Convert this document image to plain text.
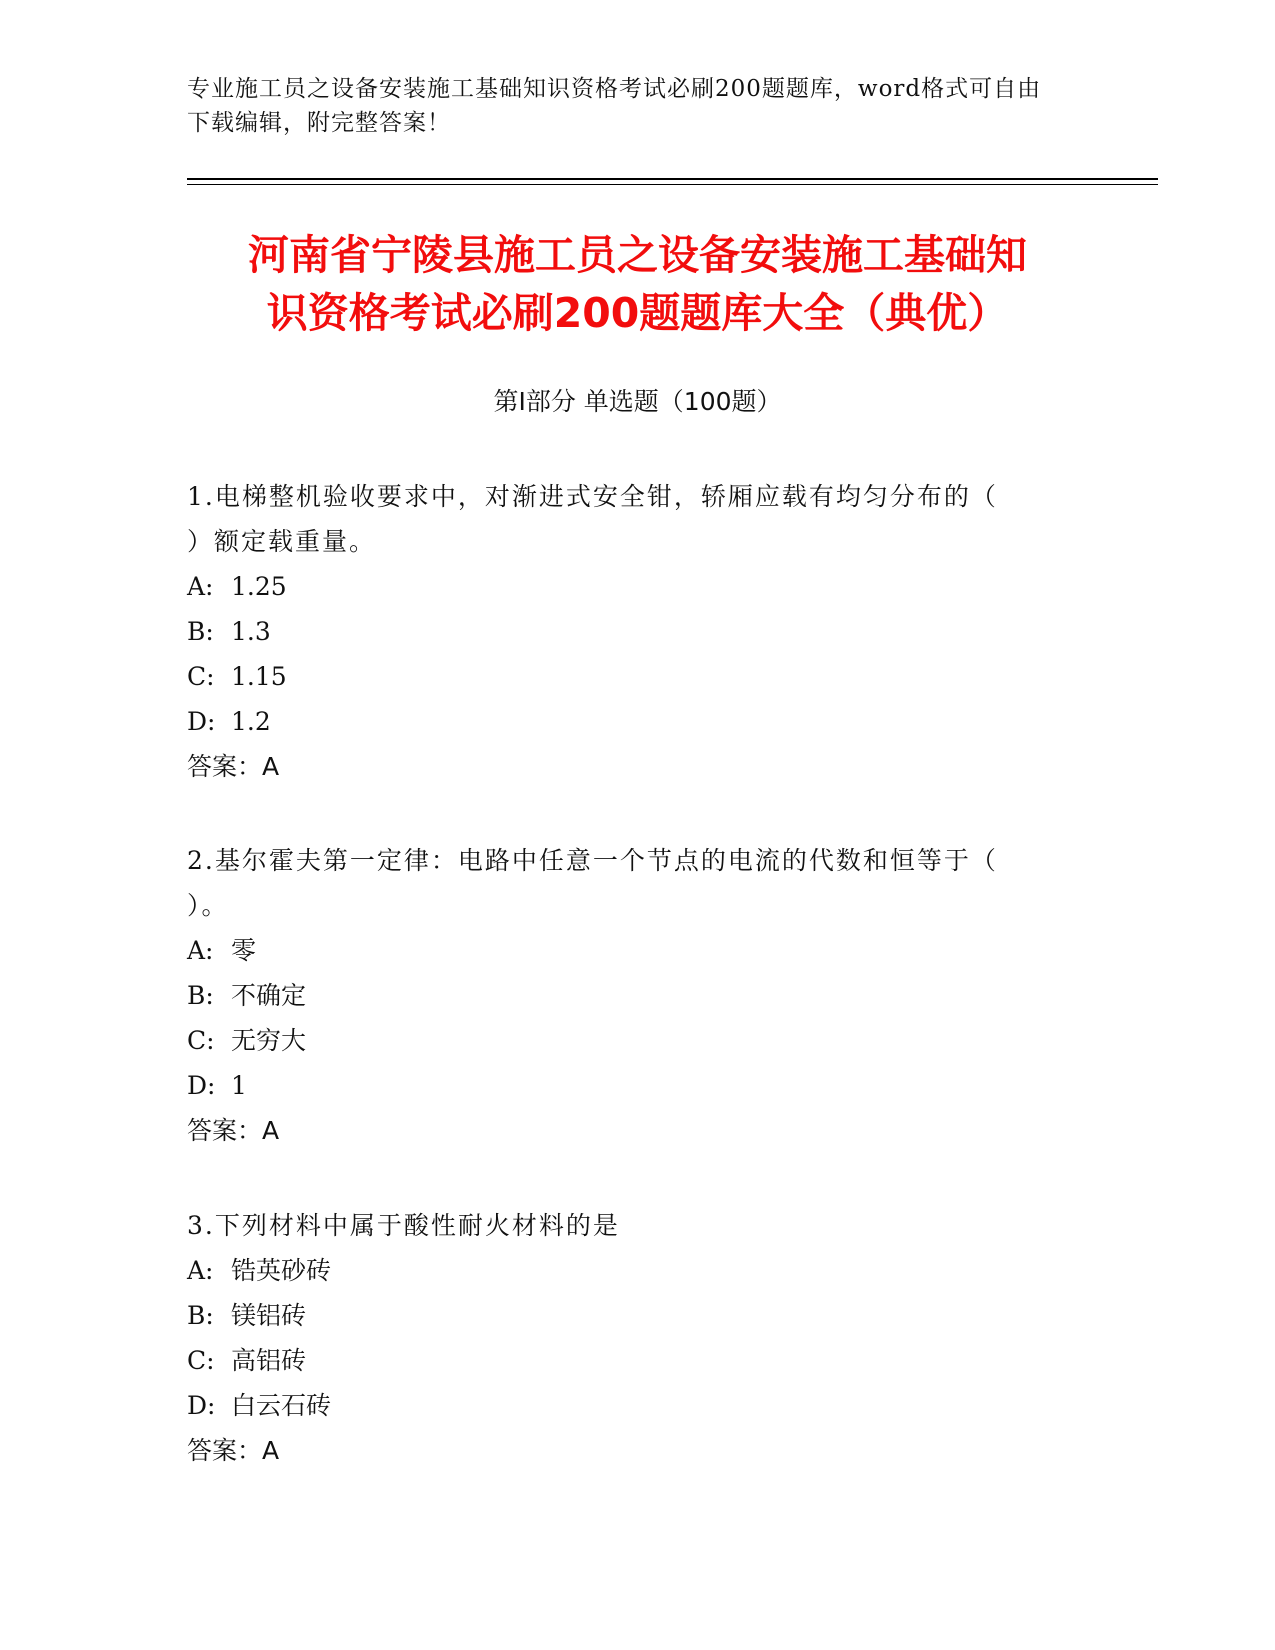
专业施工员之设备安装施工基础知识资格考试必刷200题题库，word格式可自由
下载编辑，附完整答案！
河南省宁陵县施工员之设备安装施工基础知
识资格考试必刷200题题库大全（典优）
第Ⅰ部分 单选题（100题）
1.电梯整机验收要求中，对渐进式安全钳，轿厢应载有均匀分布的（
）额定载重量。
A: 1.25
B: 1.3
C: 1.15
D: 1.2
答案：A
2.基尔霍夫第一定律：电路中任意一个节点的电流的代数和恒等于（
）。
A: 零
B: 不确定
C: 无穷大
D: 1
答案：A
3.下列材料中属于酸性耐火材料的是
A: 锆英砂砖
B: 镁铝砖
C: 高铝砖
D: 白云石砖
答案：A
